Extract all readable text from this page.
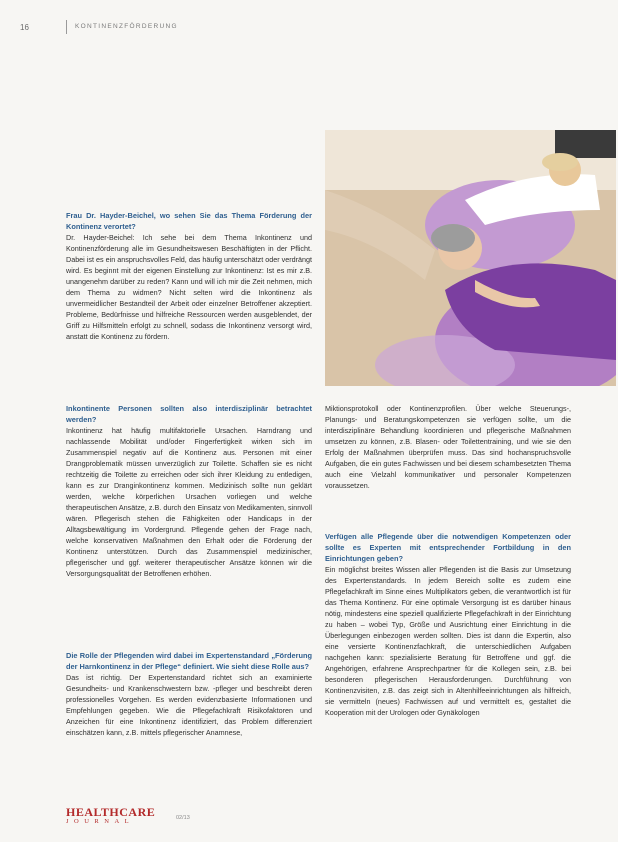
16	KONTINENZFÖRDERUNG

Frau Dr. Hayder-Beichel, wo sehen Sie das Thema Förderung der Kontinenz verortet?

Dr. Hayder-Beichel: Ich sehe bei dem Thema Inkontinenz und Kontinenzförderung alle im Gesundheitswesen Beschäftigten in der Pflicht. Dabei ist es ein anspruchsvolles Feld, das häufig unterschätzt oder verdrängt wird. Es beginnt mit der eigenen Einstellung zur Inkontinenz: Ist es mir z.B. unangenehm darüber zu reden? Kann und will ich mir die Zeit nehmen, mich dem Thema zu widmen? Nicht selten wird die Inkontinenz als unvermeidlicher Bestandteil der Arbeit oder einzelner Betroffener akzeptiert. Probleme, Bedürfnisse und hilfreiche Ressourcen werden ausgeblendet, der Griff zu Hilfsmitteln erfolgt zu schnell, sodass die Inkontinenz versorgt wird, anstatt die Kontinenz zu fördern.

Inkontinente Personen sollten also interdisziplinär betrachtet werden?

Inkontinenz hat häufig multifaktorielle Ursachen. Harndrang und nachlassende Mobilität und/oder Fingerfertigkeit wirken sich im Zusammenspiel negativ auf die Kontinenz aus. Personen mit einer Drangproblematik müssen unverzüglich zur Toilette. Schaffen sie es nicht rechtzeitig die Toilette zu erreichen oder sich ihrer Kleidung zu entledigen, kann es zur Dranginkontinenz kommen. Medizinisch sollte nun geklärt werden, welche körperlichen Ursachen vorliegen und welche therapeutischen Ansätze, z.B. durch den Einsatz von Medikamenten, sinnvoll wären. Pflegerisch stehen die Fähigkeiten oder Handicaps in der Alltagsbewältigung im Vordergrund. Pflegende gehen der Frage nach, welche konservativen Maßnahmen den Erhalt oder die Förderung der Kontinenz unterstützen. Durch das Zusammenspiel medizinischer, pflegerischer und ggf. weiterer therapeutischer Ansätze können wir die Versorgungsqualität der Betroffenen erhöhen.

Die Rolle der Pflegenden wird dabei im Expertenstandard „Förderung der Harnkontinenz in der Pflege“ definiert. Wie sieht diese Rolle aus?

Das ist richtig. Der Expertenstandard richtet sich an examinierte Gesundheits- und Krankenschwestern bzw. -pfleger und beschreibt deren professionelles Vorgehen. Es werden evidenzbasierte Informationen und Empfehlungen gegeben. Wie die Pflegefachkraft Risikofaktoren und Anzeichen für eine Inkontinenz identifiziert, das Problem differenziert einschätzen kann, z.B. mittels pflegerischer Anamnese,

Miktionsprotokoll oder Kontinenzprofilen. Über welche Steuerungs-, Planungs- und Beratungskompetenzen sie verfügen sollte, um die interdisziplinäre Behandlung koordinieren und pflegerische Maßnahmen umsetzen zu können, z.B. Blasen- oder Toilettentraining, und wie sie den Erfolg der Maßnahmen überprüfen muss. Das sind hochanspruchsvolle Aufgaben, die ein gutes Fachwissen und bei diesem schambesetzten Thema auch eine Vielzahl kommunikativer und personaler Kompetenzen voraussetzen.

Verfügen alle Pflegende über die notwendigen Kompetenzen oder sollte es Experten mit entsprechender Fortbildung in den Einrichtungen geben?

Ein möglichst breites Wissen aller Pflegenden ist die Basis zur Umsetzung des Expertenstandards. In jedem Bereich sollte es zudem eine Pflegefachkraft im Sinne eines Multiplikators geben, die verantwortlich ist für das Thema Kontinenz. Für eine optimale Versorgung ist es darüber hinaus nötig, mindestens eine speziell qualifizierte Pflegefachkraft in der Einrichtung zu haben – wobei Typ, Größe und Ausrichtung einer Einrichtung in die Überlegungen einbezogen werden sollten. Dies ist dann die Expertin, also eine versierte Kontinenzfachkraft, die unterschiedlichen Aufgaben nachgehen kann: spezialisierte Beratung für Betroffene und ggf. die Angehörigen, erfahrene Ansprechpartner für die Kollegen sein, z.B. bei besonderen pflegerischen Herausforderungen. Durchführung von Kontinenzvisiten, z.B. das zeigt sich in Altenhilfeeinrichtungen als hilfreich, sie vermitteln (neues) Fachwissen auf und vermittelt es, gestaltet die Kooperation mit der Urologen oder Gynäkologen

HEALTHCARE
JOURNAL	02/13
